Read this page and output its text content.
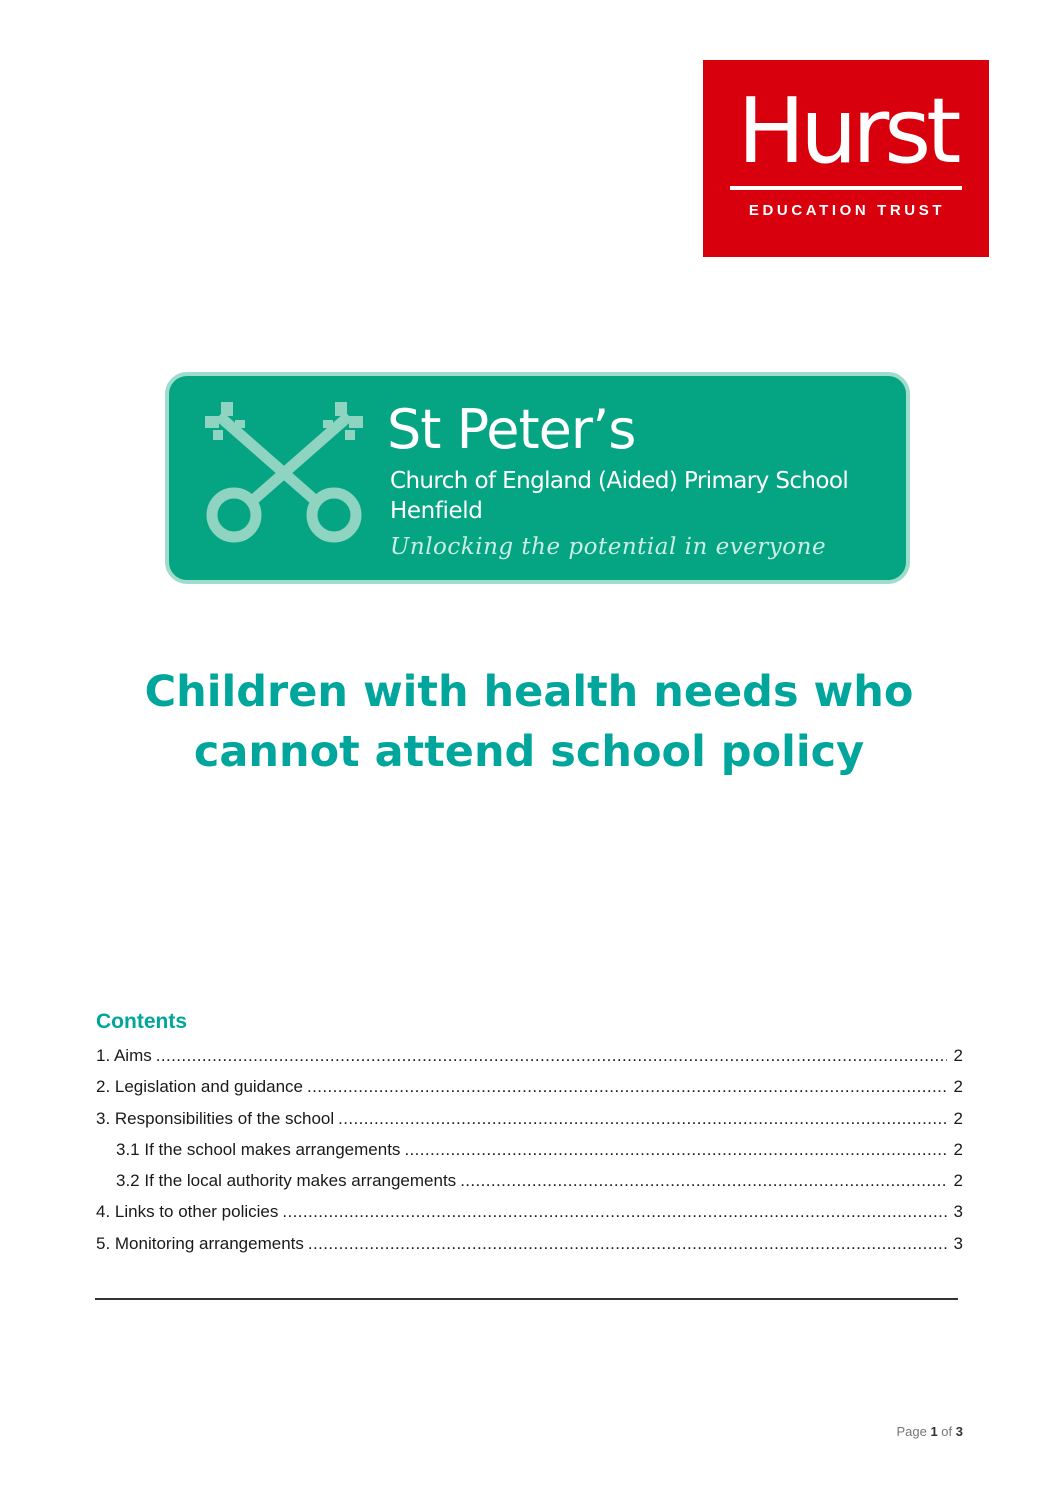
Hurst
EDUCATION TRUST
St Peter’s
Church of England (Aided) Primary School
Henfield
Unlocking the potential in everyone
Children with health needs who
cannot attend school policy
Contents
1. Aims .....	2
2. Legislation and guidance .....	2
3. Responsibilities of the school .....	2
3.1 If the school makes arrangements .....	2
3.2 If the local authority makes arrangements .....	2
4. Links to other policies .....	3
5. Monitoring arrangements .....	3
Page 1 of 3
